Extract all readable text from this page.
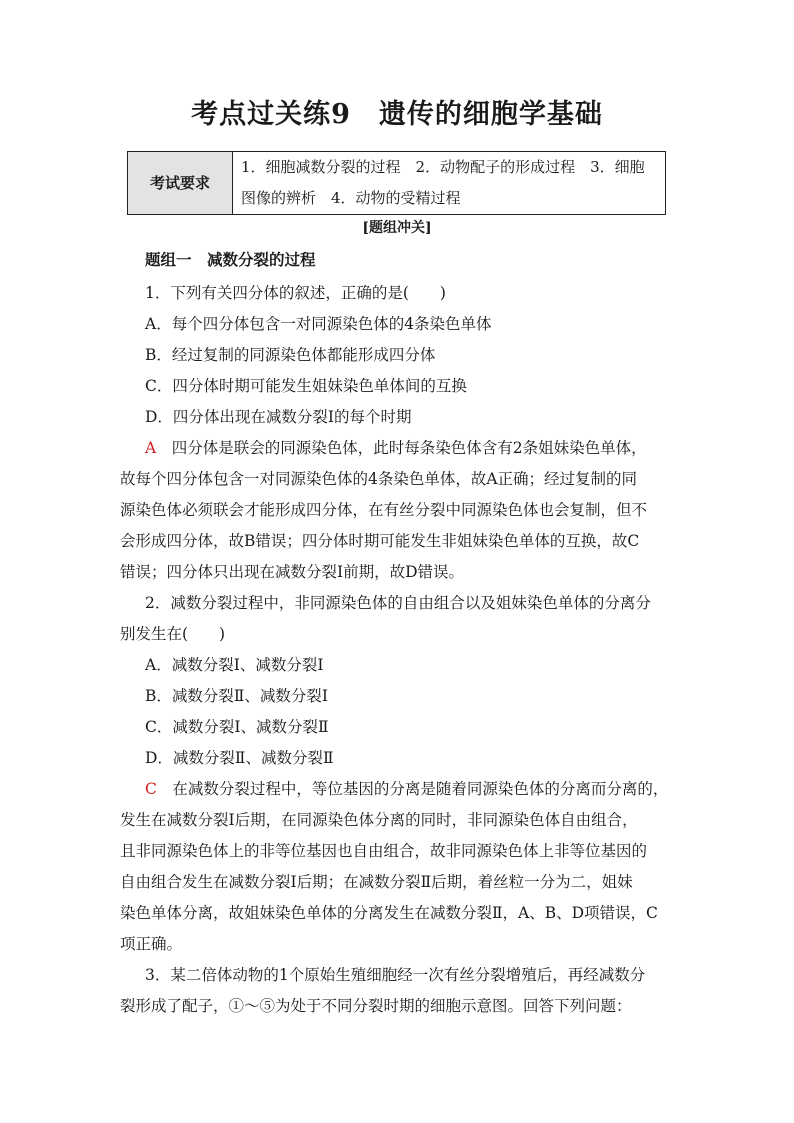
考点过关练9　遗传的细胞学基础
考试要求	
1．细胞减数分裂的过程　2．动物配子的形成过程　3．细胞
图像的辨析　4．动物的受精过程
[题组冲关]
题组一　减数分裂的过程
1．下列有关四分体的叙述，正确的是(　　)
A．每个四分体包含一对同源染色体的4条染色单体
B．经过复制的同源染色体都能形成四分体
C．四分体时期可能发生姐妹染色单体间的互换
D．四分体出现在减数分裂Ⅰ的每个时期
A　四分体是联会的同源染色体，此时每条染色体含有2条姐妹染色单体，
故每个四分体包含一对同源染色体的4条染色单体，故A正确；经过复制的同
源染色体必须联会才能形成四分体，在有丝分裂中同源染色体也会复制，但不
会形成四分体，故B错误；四分体时期可能发生非姐妹染色单体的互换，故C
错误；四分体只出现在减数分裂Ⅰ前期，故D错误。
2．减数分裂过程中，非同源染色体的自由组合以及姐妹染色单体的分离分
别发生在(　　)
A．减数分裂Ⅰ、减数分裂Ⅰ
B．减数分裂Ⅱ、减数分裂Ⅰ
C．减数分裂Ⅰ、减数分裂Ⅱ
D．减数分裂Ⅱ、减数分裂Ⅱ
C　在减数分裂过程中，等位基因的分离是随着同源染色体的分离而分离的，
发生在减数分裂Ⅰ后期，在同源染色体分离的同时，非同源染色体自由组合，
且非同源染色体上的非等位基因也自由组合，故非同源染色体上非等位基因的
自由组合发生在减数分裂Ⅰ后期；在减数分裂Ⅱ后期，着丝粒一分为二，姐妹
染色单体分离，故姐妹染色单体的分离发生在减数分裂Ⅱ，A、B、D项错误，C
项正确。
3．某二倍体动物的1个原始生殖细胞经一次有丝分裂增殖后，再经减数分
裂形成了配子，①～⑤为处于不同分裂时期的细胞示意图。回答下列问题：
